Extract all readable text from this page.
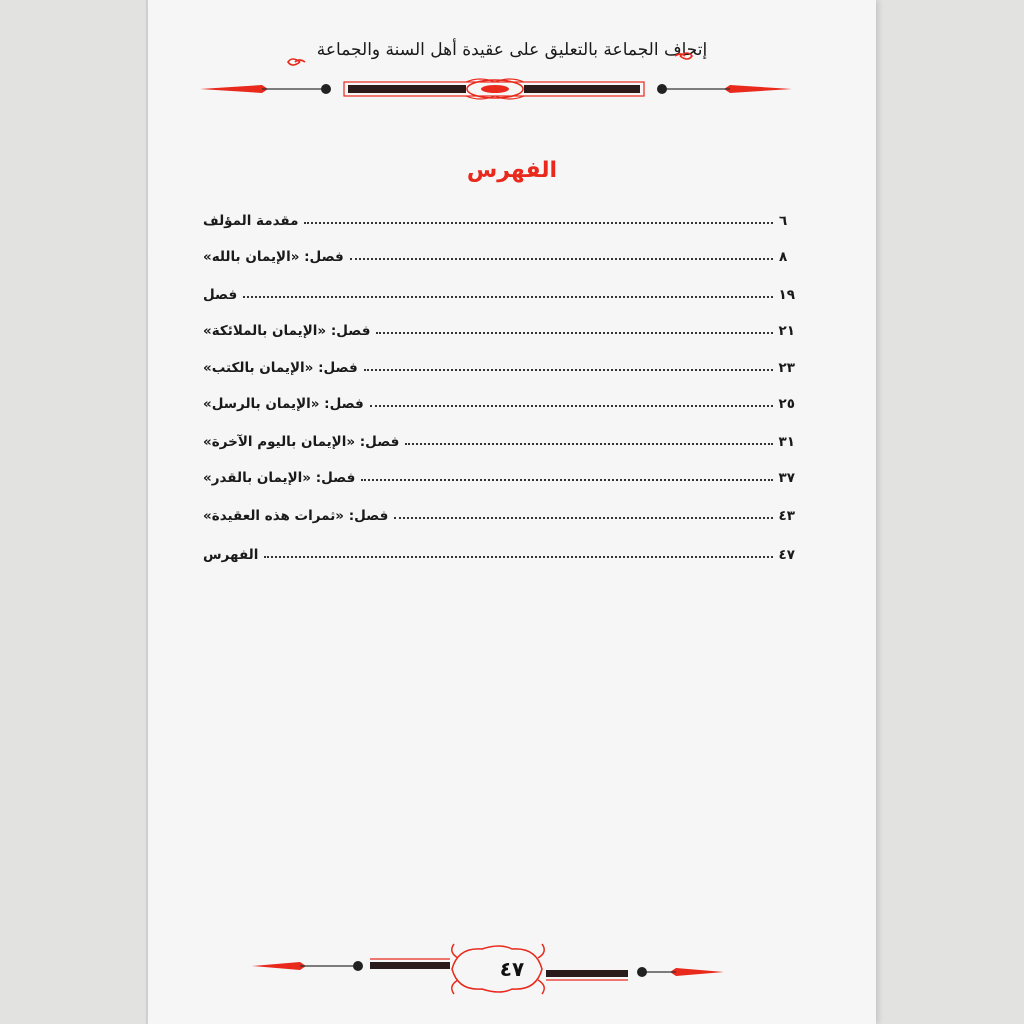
إتحاف الجماعة بالتعليق على عقيدة أهل السنة والجماعة
الفهرس
مقدمة المؤلف	٦
فصل: «الإيمان بالله»	٨
فصل	١٩
فصل: «الإيمان بالملائكة»	٢١
فصل: «الإيمان بالكتب»	٢٣
فصل: «الإيمان بالرسل»	٢٥
فصل: «الإيمان باليوم الآخرة»	٣١
فصل: «الإيمان بالقدر»	٣٧
فصل: «ثمرات هذه العقيدة»	٤٣
الفهرس	٤٧
٤٧
